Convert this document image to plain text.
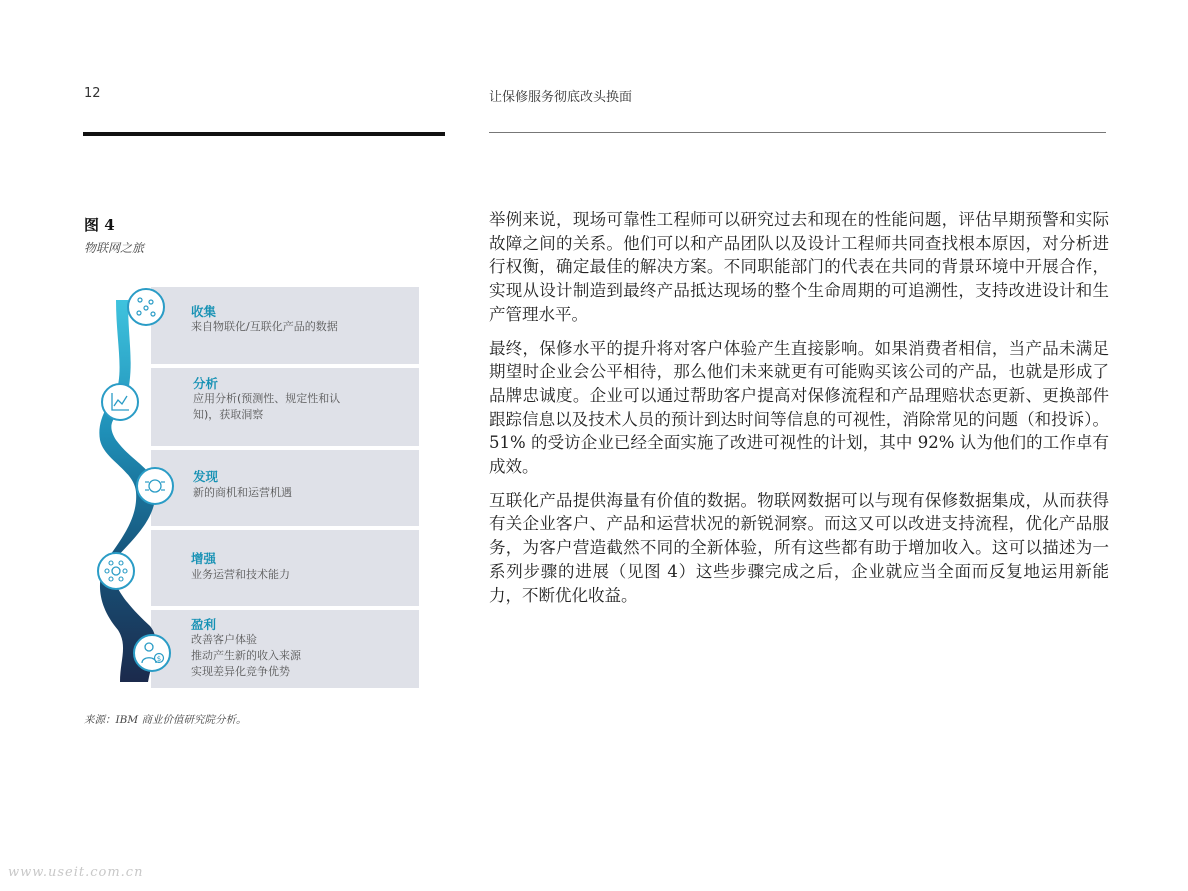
12	让保修服务彻底改头换面
图 4
物联网之旅
$
收集
来自物联化/互联化产品的数据
分析
应用分析(预测性、规定性和认
知)，获取洞察
发现
新的商机和运营机遇
增强
业务运营和技术能力
盈利
改善客户体验
推动产生新的收入来源
实现差异化竞争优势
来源：IBM 商业价值研究院分析。

举例来说，现场可靠性工程师可以研究过去和现在的性能问题，评估早期预警和实际故障之间的关系。他们可以和产品团队以及设计工程师共同查找根本原因，对分析进行权衡，确定最佳的解决方案。不同职能部门的代表在共同的背景环境中开展合作，实现从设计制造到最终产品抵达现场的整个生命周期的可追溯性，支持改进设计和生产管理水平。

最终，保修水平的提升将对客户体验产生直接影响。如果消费者相信，当产品未满足期望时企业会公平相待，那么他们未来就更有可能购买该公司的产品，也就是形成了品牌忠诚度。企业可以通过帮助客户提高对保修流程和产品理赔状态更新、更换部件跟踪信息以及技术人员的预计到达时间等信息的可视性，消除常见的问题（和投诉）。51% 的受访企业已经全面实施了改进可视性的计划，其中 92% 认为他们的工作卓有成效。

互联化产品提供海量有价值的数据。物联网数据可以与现有保修数据集成，从而获得有关企业客户、产品和运营状况的新锐洞察。而这又可以改进支持流程，优化产品服务，为客户营造截然不同的全新体验，所有这些都有助于增加收入。这可以描述为一系列步骤的进展（见图 4）这些步骤完成之后，企业就应当全面而反复地运用新能力，不断优化收益。

www.useit.com.cn
